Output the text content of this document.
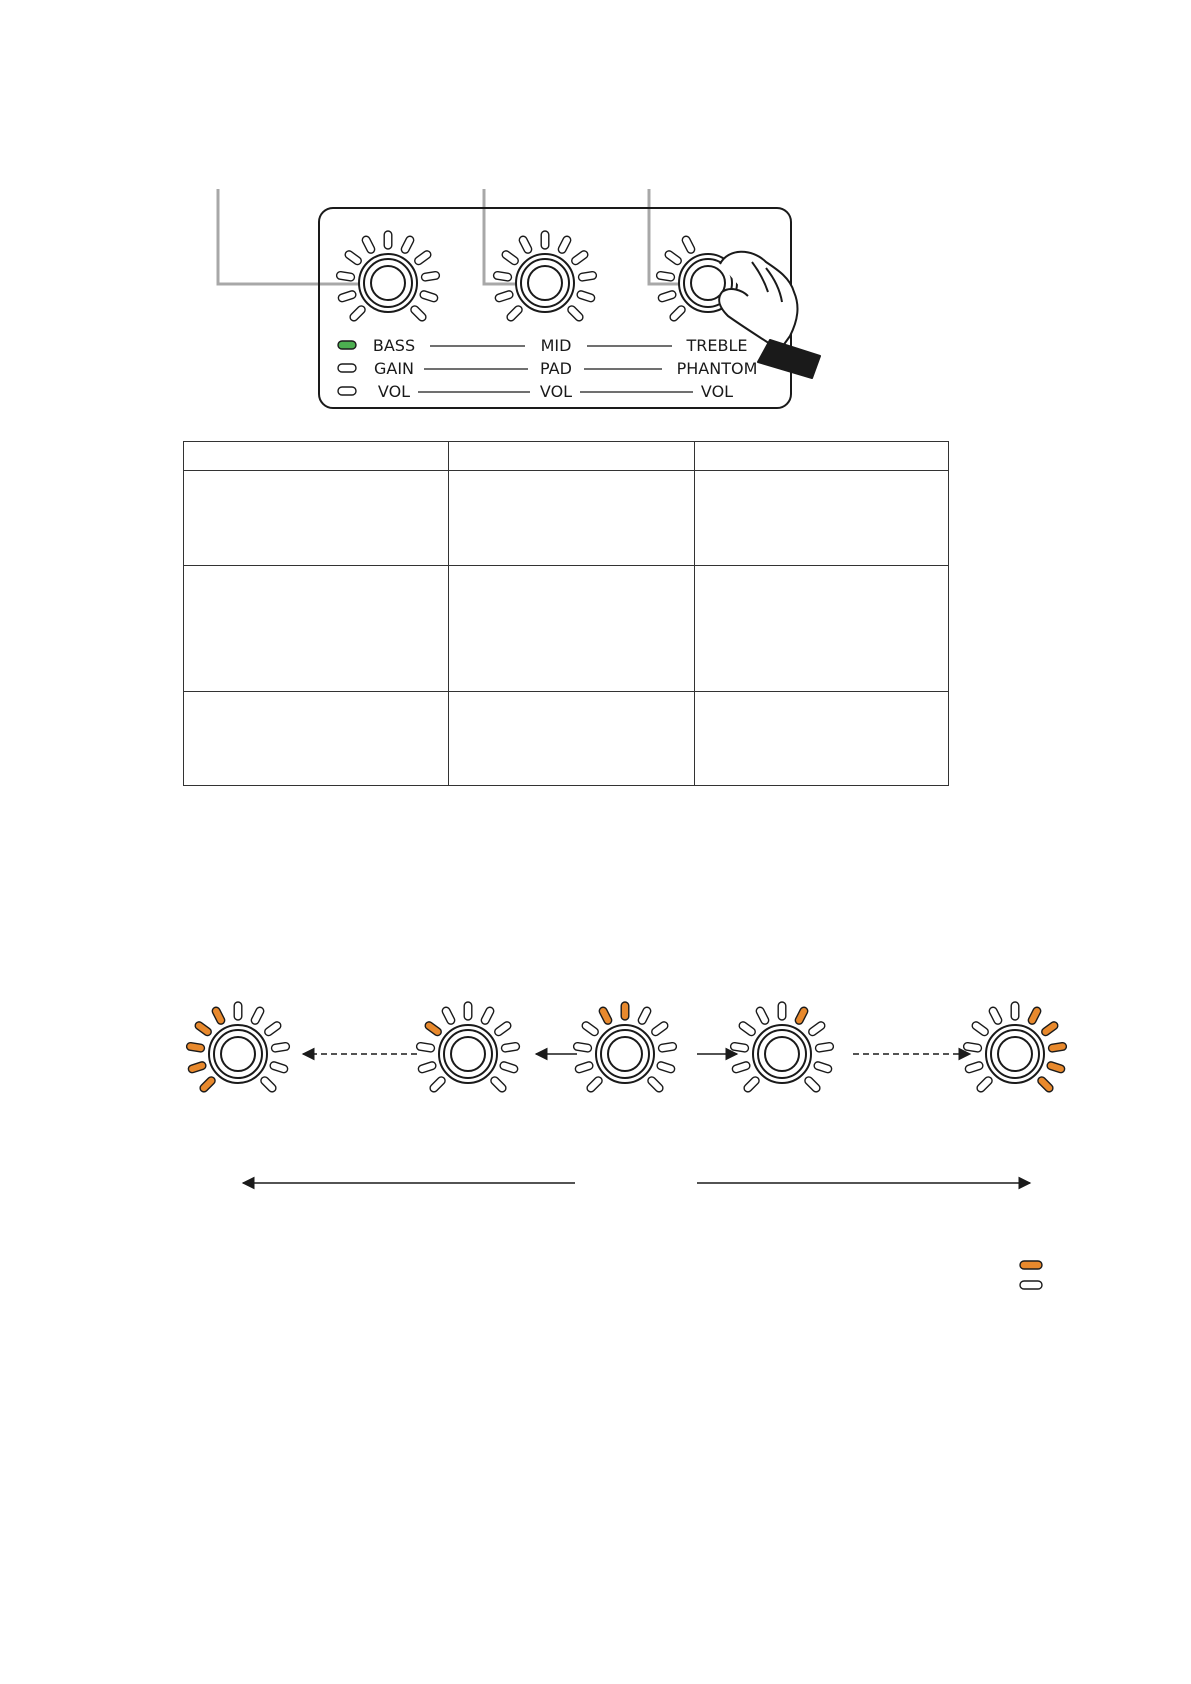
BASS	MID	TREBLE
GAIN	PAD	PHANTOM
VOL	VOL	VOL
